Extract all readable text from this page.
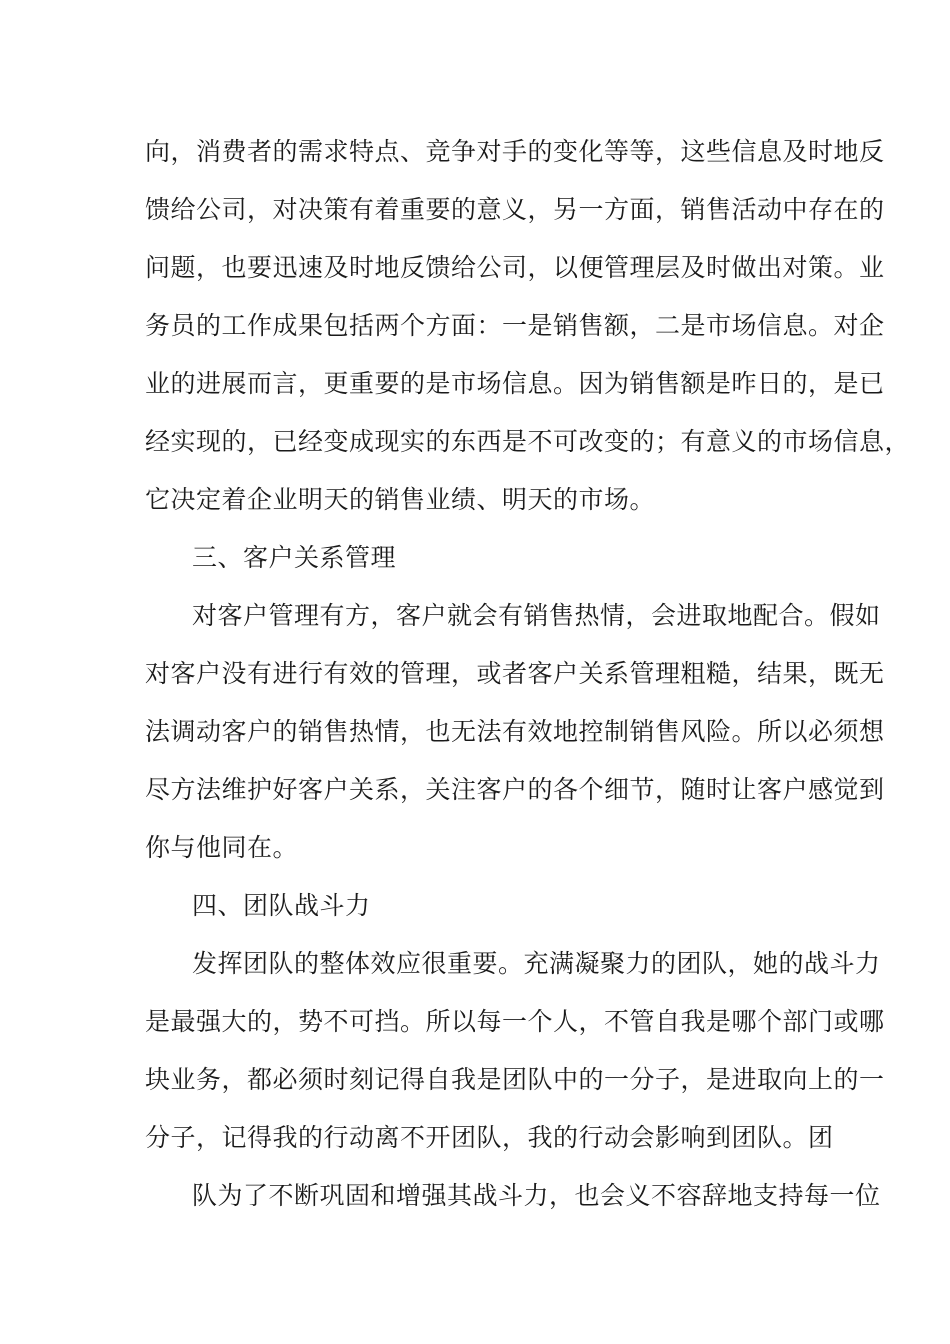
向，消费者的需求特点、竞争对手的变化等等，这些信息及时地反
馈给公司，对决策有着重要的意义，另一方面，销售活动中存在的
问题，也要迅速及时地反馈给公司，以便管理层及时做出对策。业
务员的工作成果包括两个方面：一是销售额，二是市场信息。对企
业的进展而言，更重要的是市场信息。因为销售额是昨日的，是已
经实现的，已经变成现实的东西是不可改变的；有意义的市场信息，
它决定着企业明天的销售业绩、明天的市场。
三、客户关系管理
对客户管理有方，客户就会有销售热情，会进取地配合。假如
对客户没有进行有效的管理，或者客户关系管理粗糙，结果，既无
法调动客户的销售热情，也无法有效地控制销售风险。所以必须想
尽方法维护好客户关系，关注客户的各个细节，随时让客户感觉到
你与他同在。
四、团队战斗力
发挥团队的整体效应很重要。充满凝聚力的团队，她的战斗力
是最强大的，势不可挡。所以每一个人，不管自我是哪个部门或哪
块业务，都必须时刻记得自我是团队中的一分子，是进取向上的一
分子，记得我的行动离不开团队，我的行动会影响到团队。团
队为了不断巩固和增强其战斗力，也会义不容辞地支持每一位
